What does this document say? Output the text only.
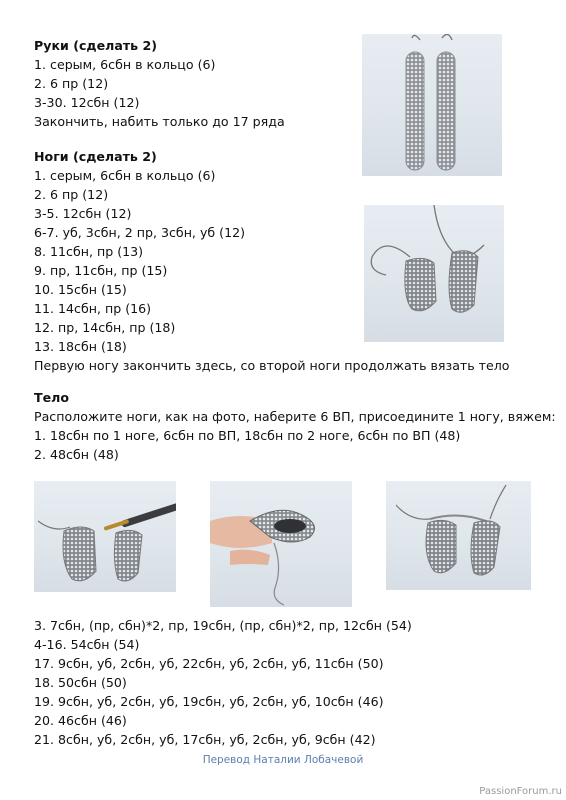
Руки (сделать 2)
1. серым, 6сбн в кольцо (6)
2. 6 пр (12)
3-30. 12сбн (12)
Закончить, набить только до 17 ряда
Ноги (сделать 2)
1. серым, 6сбн в кольцо (6)
2. 6 пр (12)
3-5. 12сбн (12)
6-7. уб, 3сбн, 2 пр, 3сбн, уб (12)
8. 11сбн, пр (13)
9. пр, 11сбн, пр (15)
10. 15сбн (15)
11. 14сбн, пр (16)
12. пр, 14сбн, пр (18)
13. 18сбн (18)
Первую ногу закончить здесь, со второй ноги продолжать вязать тело
Тело
Расположите ноги, как на фото, наберите 6 ВП, присоедините 1 ногу, вяжем:
1. 18сбн по 1 ноге, 6сбн по ВП, 18сбн по 2 ноге, 6сбн по ВП (48)
2. 48сбн (48)
3. 7сбн, (пр, сбн)*2, пр, 19сбн, (пр, сбн)*2, пр, 12сбн (54)
4-16. 54сбн (54)
17. 9сбн, уб, 2сбн, уб, 22сбн, уб, 2сбн, уб, 11сбн (50)
18. 50сбн (50)
19. 9сбн, уб, 2сбн, уб, 19сбн, уб, 2сбн, уб, 10сбн (46)
20. 46сбн (46)
21. 8сбн, уб, 2сбн, уб, 17сбн, уб, 2сбн, уб, 9сбн (42)
Перевод Наталии Лобачевой
PassionForum.ru
